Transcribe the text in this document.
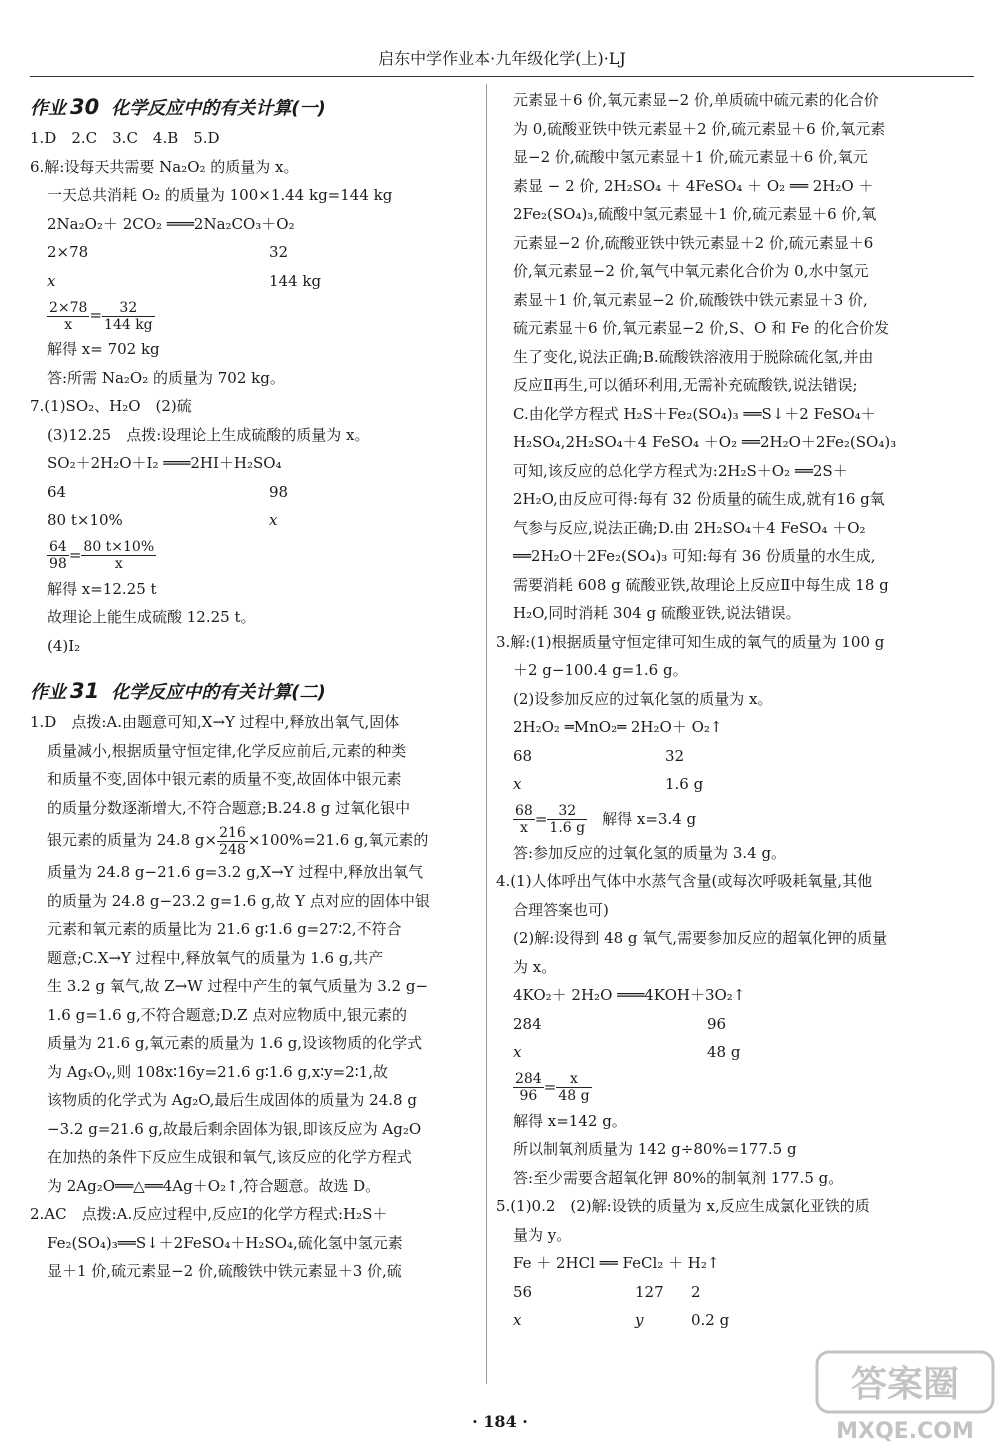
启东中学作业本·九年级化学(上)·LJ
作业 30 化学反应中的有关计算(一)
1.D　2.C　3.C　4.B　5.D
6.解:设每天共需要 Na₂O₂ 的质量为 x。
一天总共消耗 O₂ 的质量为 100×1.44 kg=144 kg
2Na₂O₂＋ 2CO₂ ═══2Na₂CO₃＋O₂
2×78	32
x	144 kg
$\frac{2\times 78}{x} = \frac{32}{144 kg}$
解得 x= 702 kg
答:所需 Na₂O₂ 的质量为 702 kg。
7.(1)SO₂、H₂O　(2)硫
(3)12.25　点拨:设理论上生成硫酸的质量为 x。
SO₂＋2H₂O＋I₂ ═══2HI＋H₂SO₄
64	98
80 t×10%	x
$\frac{64}{98} = \frac{80 t\times 10\%}{x}$
解得 x=12.25 t
故理论上能生成硫酸 12.25 t。
(4)I₂
作业 31 化学反应中的有关计算(二)
1.D　点拨:A.由题意可知,X→Y 过程中,释放出氧气,固体
质量减小,根据质量守恒定律,化学反应前后,元素的种类
和质量不变,固体中银元素的质量不变,故固体中银元素
的质量分数逐渐增大,不符合题意;B.24.8 g 过氧化银中
银元素的质量为 24.8 $g\times \frac{216}{248} \times 100\%=21.6$ g,氧元素的
质量为 24.8 g−21.6 g=3.2 g,X→Y 过程中,释放出氧气
的质量为 24.8 g−23.2 g=1.6 g,故 Y 点对应的固体中银
元素和氧元素的质量比为 21.6 g∶1.6 g=27∶2,不符合
题意;C.X→Y 过程中,释放氧气的质量为 1.6 g,共产
生 3.2 g 氧气,故 Z→W 过程中产生的氧气质量为 3.2 g−
1.6 g=1.6 g,不符合题意;D.Z 点对应物质中,银元素的
质量为 21.6 g,氧元素的质量为 1.6 g,设该物质的化学式
为 AgₓOᵧ,则 108x∶16y=21.6 g∶1.6 g,x∶y=2∶1,故
该物质的化学式为 Ag₂O,最后生成固体的质量为 24.8 g
−3.2 g=21.6 g,故最后剩余固体为银,即该反应为 Ag₂O
在加热的条件下反应生成银和氧气,该反应的化学方程式
为 2Ag₂O══△══4Ag＋O₂↑,符合题意。故选 D。
2.AC　点拨:A.反应过程中,反应Ⅰ的化学方程式:H₂S＋
Fe₂(SO₄)₃══S↓＋2FeSO₄＋H₂SO₄,硫化氢中氢元素
显＋1 价,硫元素显−2 价,硫酸铁中铁元素显＋3 价,硫
元素显＋6 价,氧元素显−2 价,单质硫中硫元素的化合价
为 0,硫酸亚铁中铁元素显＋2 价,硫元素显＋6 价,氧元素
显−2 价,硫酸中氢元素显＋1 价,硫元素显＋6 价,氧元
素显 − 2 价, 2H₂SO₄ ＋ 4FeSO₄ ＋ O₂ ══ 2H₂O ＋
2Fe₂(SO₄)₃,硫酸中氢元素显＋1 价,硫元素显＋6 价,氧
元素显−2 价,硫酸亚铁中铁元素显＋2 价,硫元素显＋6
价,氧元素显−2 价,氧气中氧元素化合价为 0,水中氢元
素显＋1 价,氧元素显−2 价,硫酸铁中铁元素显＋3 价,
硫元素显＋6 价,氧元素显−2 价,S、O 和 Fe 的化合价发
生了变化,说法正确;B.硫酸铁溶液用于脱除硫化氢,并由
反应Ⅱ再生,可以循环利用,无需补充硫酸铁,说法错误;
C.由化学方程式 H₂S＋Fe₂(SO₄)₃ ══S↓＋2 FeSO₄＋
H₂SO₄,2H₂SO₄＋4 FeSO₄ ＋O₂ ══2H₂O＋2Fe₂(SO₄)₃
可知,该反应的总化学方程式为:2H₂S＋O₂ ══2S＋
2H₂O,由反应可得:每有 32 份质量的硫生成,就有16 g氧
气参与反应,说法正确;D.由 2H₂SO₄＋4 FeSO₄ ＋O₂
══2H₂O＋2Fe₂(SO₄)₃ 可知:每有 36 份质量的水生成,
需要消耗 608 g 硫酸亚铁,故理论上反应Ⅱ中每生成 18 g
H₂O,同时消耗 304 g 硫酸亚铁,说法错误。
3.解:(1)根据质量守恒定律可知生成的氧气的质量为 100 g
＋2 g−100.4 g=1.6 g。
(2)设参加反应的过氧化氢的质量为 x。
2H₂O₂ ═MnO₂═ 2H₂O＋ O₂↑
68	32
x	1.6 g
$\frac{68}{x} = \frac{32}{1.6 g}$ 　解得 x=3.4 g
答:参加反应的过氧化氢的质量为 3.4 g。
4.(1)人体呼出气体中水蒸气含量(或每次呼吸耗氧量,其他
合理答案也可)
(2)解:设得到 48 g 氧气,需要参加反应的超氧化钾的质量
为 x。
4KO₂＋ 2H₂O ═══4KOH＋3O₂↑
284	96
x	48 g
$\frac{284}{96} = \frac{x}{48 g}$
解得 x=142 g。
所以制氧剂质量为 142 g÷80%=177.5 g
答:至少需要含超氧化钾 80%的制氧剂 177.5 g。
5.(1)0.2　(2)解:设铁的质量为 x,反应生成氯化亚铁的质
量为 y。
Fe ＋ 2HCl ══ FeCl₂ ＋ H₂↑
56	127	2
x	y	0.2 g
· 184 ·
答案圈
MXQE.COM
